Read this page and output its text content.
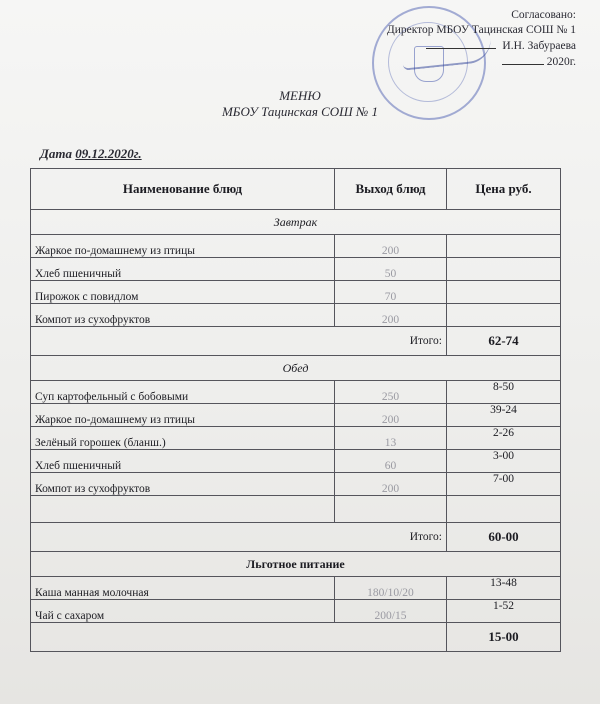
Согласовано:
Директор МБОУ Тацинская СОШ № 1
И.Н. Забураева
2020г.
МЕНЮ
МБОУ Тацинская СОШ № 1
Дата 09.12.2020г.
Наименование блюд	Выход блюд	Цена руб.
Завтрак		
Жаркое по-домашнему из птицы	200	
Хлеб пшеничный	50	
Пирожок с повидлом	70	
Компот из сухофруктов	200	
Итого:		62-74
Обед		
Суп картофельный с бобовыми	250	8-50
Жаркое по-домашнему из птицы	200	39-24
Зелёный горошек (бланш.)	13	2-26
Хлеб пшеничный	60	3-00
Компот из сухофруктов	200	7-00

Итого:		60-00
Льготное питание		
Каша манная молочная	180/10/20	13-48
Чай с сахаром	200/15	1-52
		15-00
